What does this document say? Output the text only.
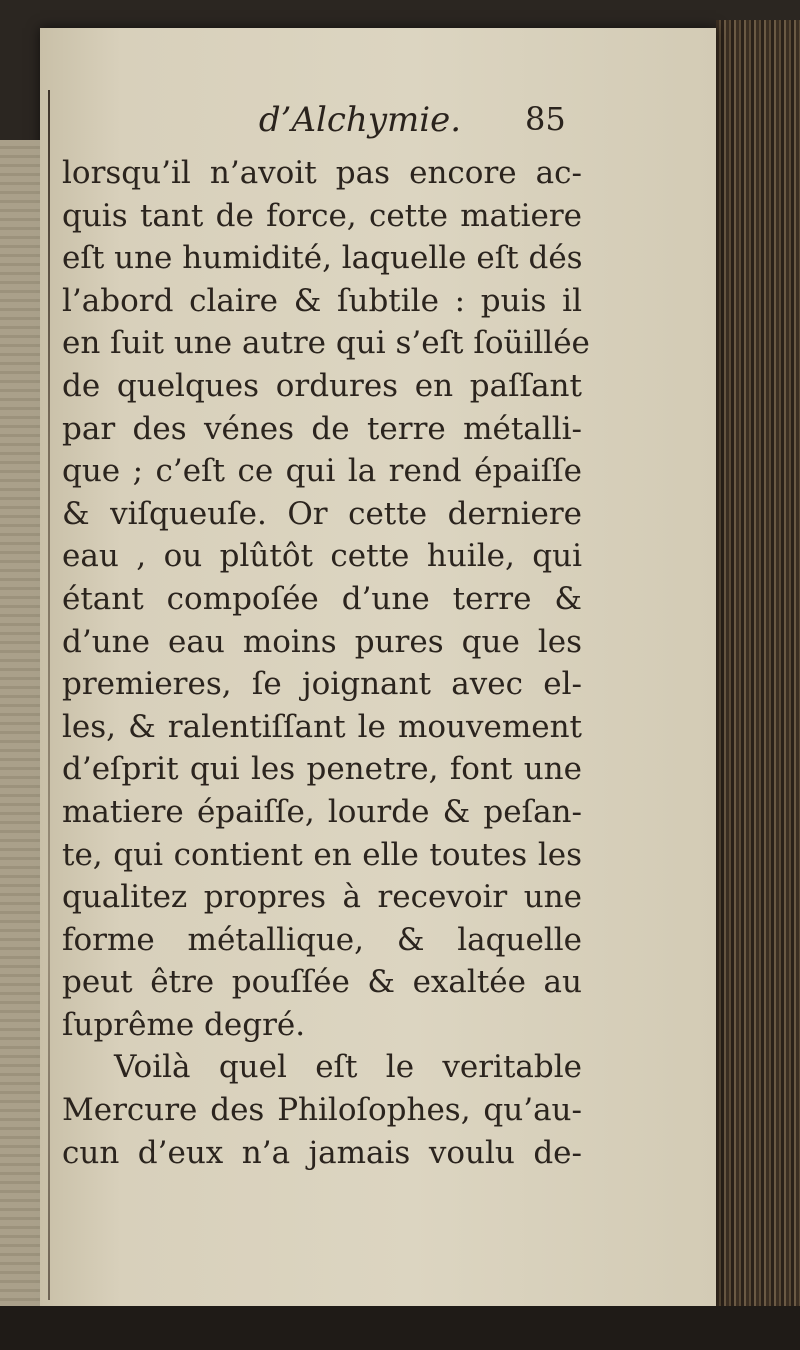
d’Alchymie.	85
lorsqu’il n’avoit pas encore ac-
quis tant de force, cette matiere
eſt une humidité, laquelle eſt dés
l’abord claire & ſubtile : puis il
en ſuit une autre qui s’eſt ſoüillée
de quelques ordures en paſſant
par des vénes de terre métalli-
que ; c’eſt ce qui la rend épaiſſe
& viſqueuſe. Or cette derniere
eau , ou plûtôt cette huile, qui
étant compoſée d’une terre &
d’une eau moins pures que les
premieres, ſe joignant avec el-
les, & ralentiſſant le mouvement
d’eſprit qui les penetre, font une
matiere épaiſſe, lourde & peſan-
te, qui contient en elle toutes les
qualitez propres à recevoir une
forme métallique, & laquelle
peut être pouſſée & exaltée au
ſuprême degré.
Voilà quel eſt le veritable
Mercure des Philoſophes, qu’au-
cun d’eux n’a jamais voulu de-
